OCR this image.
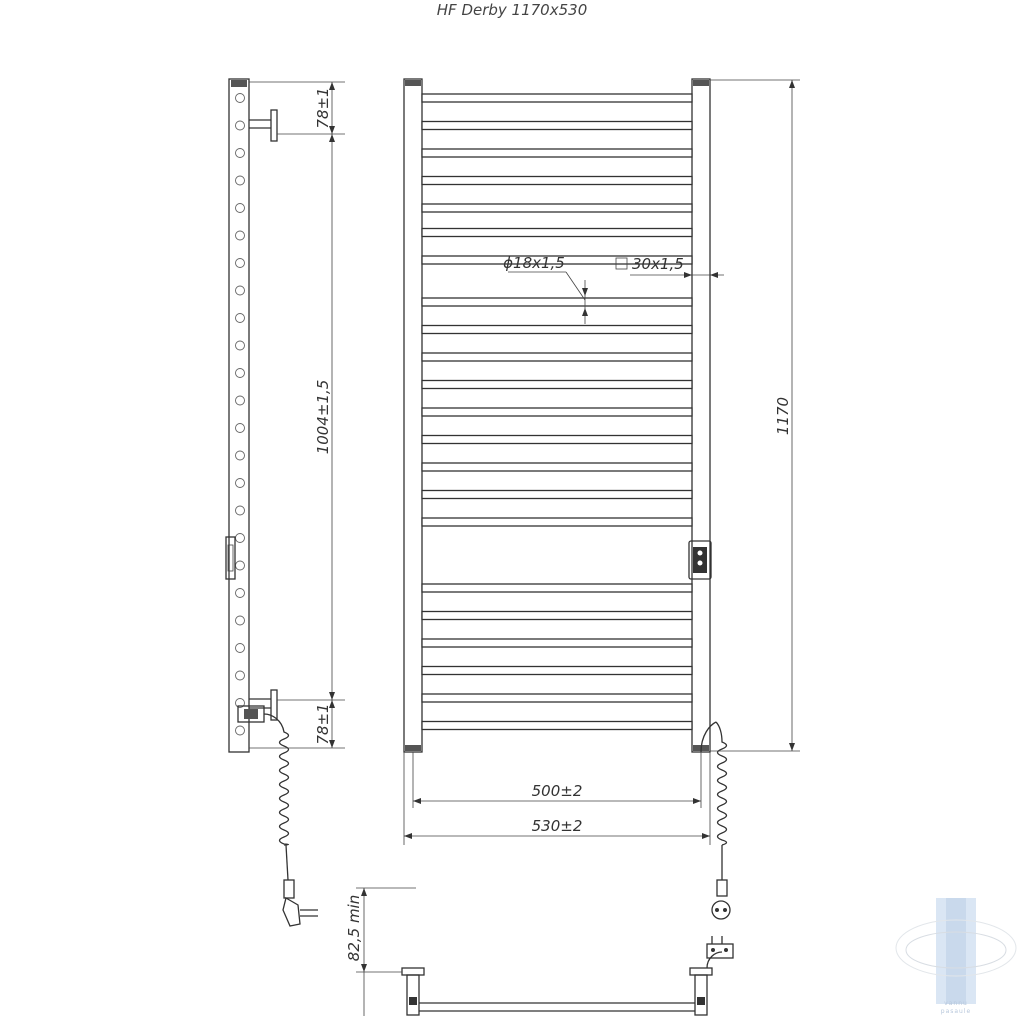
HF Derby 1170x530
78±1
1004±1,5
78±1
ϕ18x1,5	30x1,5
1170
500±2
530±2
82,5 min
vannu
pasaule
